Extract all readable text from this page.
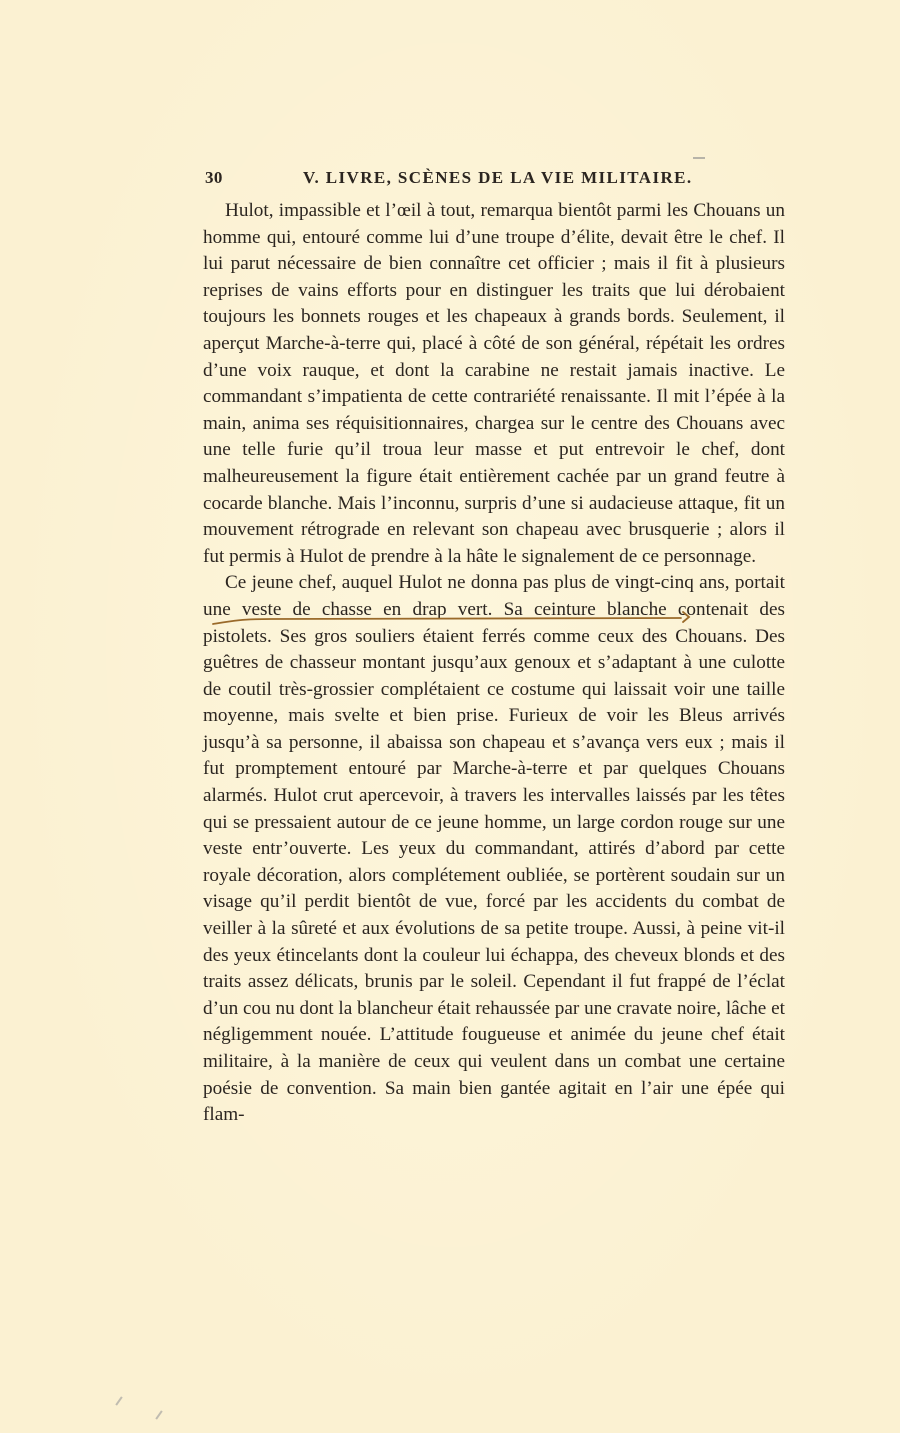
30	V. LIVRE, SCÈNES DE LA VIE MILITAIRE.

Hulot, impassible et l’œil à tout, remarqua bientôt parmi les Chouans un homme qui, entouré comme lui d’une troupe d’élite, devait être le chef. Il lui parut nécessaire de bien connaître cet officier ; mais il fit à plusieurs reprises de vains efforts pour en distinguer les traits que lui dérobaient toujours les bonnets rouges et les chapeaux à grands bords. Seulement, il aperçut Marche-à-terre qui, placé à côté de son général, répétait les ordres d’une voix rauque, et dont la carabine ne restait jamais inactive. Le commandant s’impatienta de cette contrariété renaissante. Il mit l’épée à la main, anima ses réquisitionnaires, chargea sur le centre des Chouans avec une telle furie qu’il troua leur masse et put entrevoir le chef, dont malheureusement la figure était entièrement cachée par un grand feutre à cocarde blanche. Mais l’inconnu, surpris d’une si audacieuse attaque, fit un mouvement rétrograde en relevant son chapeau avec brusquerie ; alors il fut permis à Hulot de prendre à la hâte le signalement de ce personnage.

Ce jeune chef, auquel Hulot ne donna pas plus de vingt-cinq ans, portait une veste de chasse en drap vert. Sa ceinture blanche contenait des pistolets. Ses gros souliers étaient ferrés comme ceux des Chouans. Des guêtres de chasseur montant jusqu’aux genoux et s’adaptant à une culotte de coutil très-grossier complétaient ce costume qui laissait voir une taille moyenne, mais svelte et bien prise. Furieux de voir les Bleus arrivés jusqu’à sa personne, il abaissa son chapeau et s’avança vers eux ; mais il fut promptement entouré par Marche-à-terre et par quelques Chouans alarmés. Hulot crut apercevoir, à travers les intervalles laissés par les têtes qui se pressaient autour de ce jeune homme, un large cordon rouge sur une veste entr’ouverte. Les yeux du commandant, attirés d’abord par cette royale décoration, alors complétement oubliée, se portèrent soudain sur un visage qu’il perdit bientôt de vue, forcé par les accidents du combat de veiller à la sûreté et aux évolutions de sa petite troupe. Aussi, à peine vit-il des yeux étincelants dont la couleur lui échappa, des cheveux blonds et des traits assez délicats, brunis par le soleil. Cependant il fut frappé de l’éclat d’un cou nu dont la blancheur était rehaussée par une cravate noire, lâche et négligemment nouée. L’attitude fougueuse et animée du jeune chef était militaire, à la manière de ceux qui veulent dans un combat une certaine poésie de convention. Sa main bien gantée agitait en l’air une épée qui flam-
